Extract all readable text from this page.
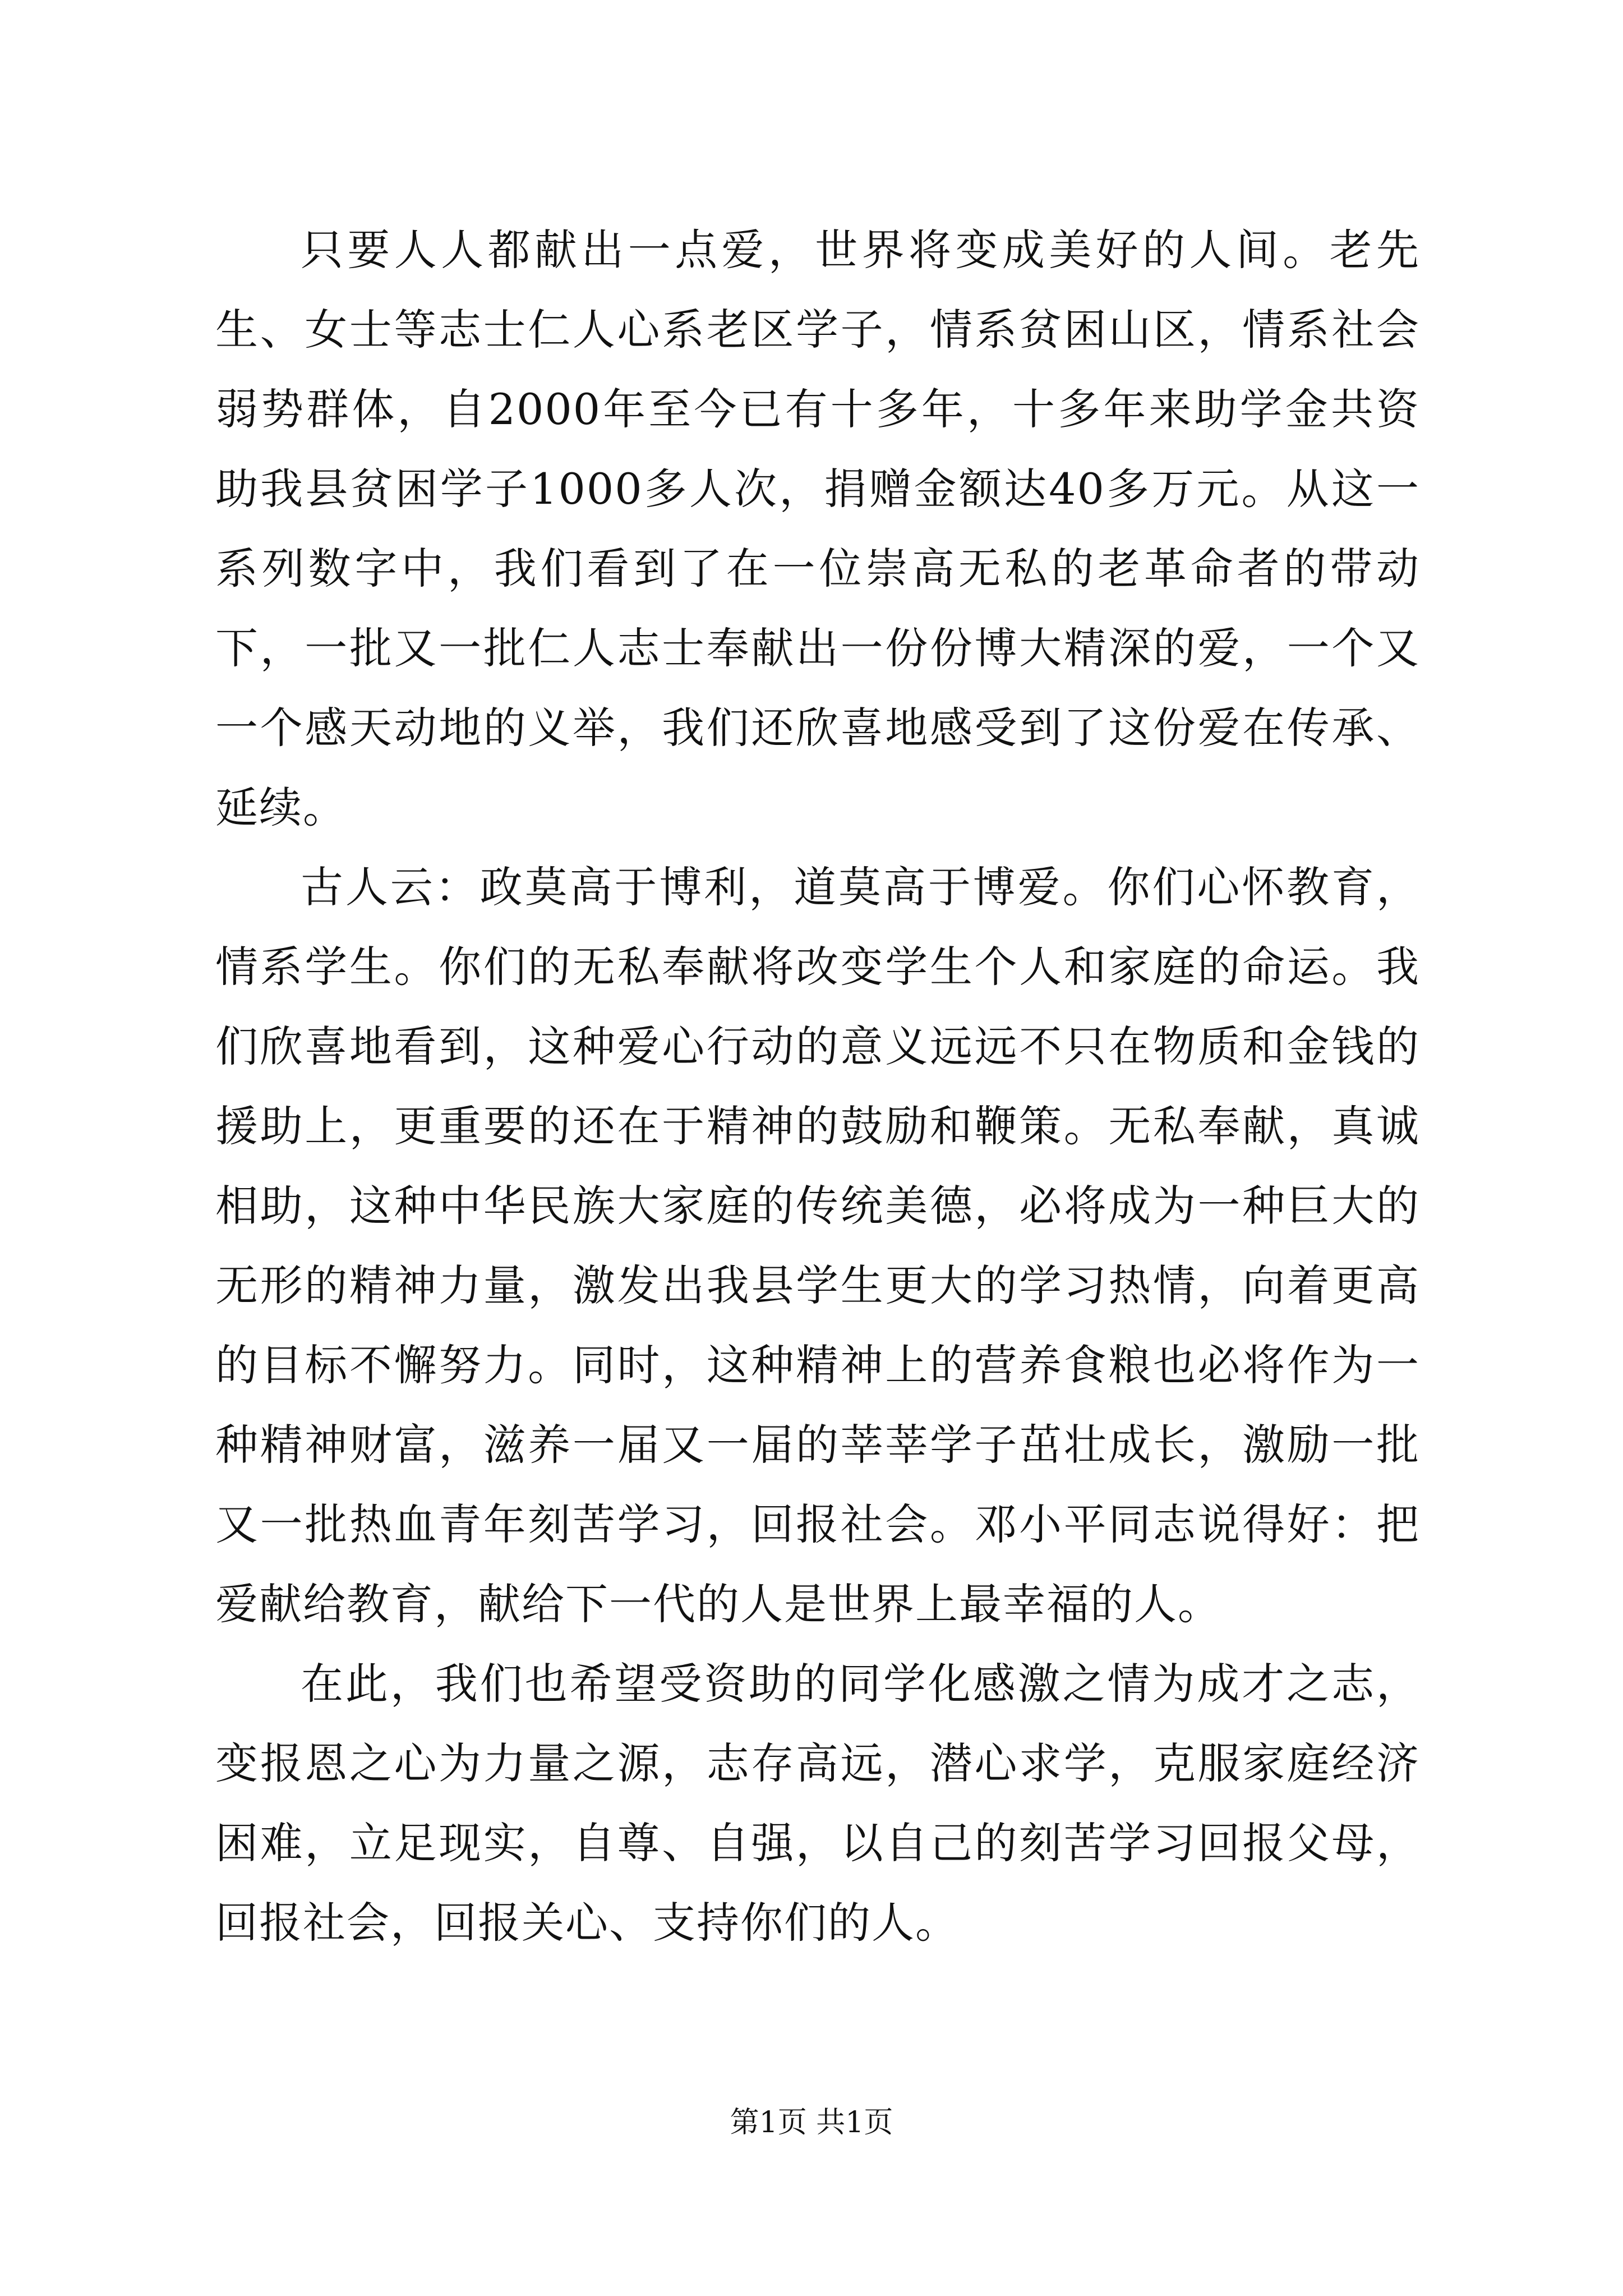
只要人人都献出一点爱，世界将变成美好的人间。老先生、女士等志士仁人心系老区学子，情系贫困山区，情系社会弱势群体，自2000年至今已有十多年，十多年来助学金共资助我县贫困学子1000多人次，捐赠金额达40多万元。从这一系列数字中，我们看到了在一位崇高无私的老革命者的带动下，一批又一批仁人志士奉献出一份份博大精深的爱，一个又一个感天动地的义举，我们还欣喜地感受到了这份爱在传承、延续。

古人云：政莫高于博利，道莫高于博爱。你们心怀教育，情系学生。你们的无私奉献将改变学生个人和家庭的命运。我们欣喜地看到，这种爱心行动的意义远远不只在物质和金钱的援助上，更重要的还在于精神的鼓励和鞭策。无私奉献，真诚相助，这种中华民族大家庭的传统美德，必将成为一种巨大的无形的精神力量，激发出我县学生更大的学习热情，向着更高的目标不懈努力。同时，这种精神上的营养食粮也必将作为一种精神财富，滋养一届又一届的莘莘学子茁壮成长，激励一批又一批热血青年刻苦学习，回报社会。邓小平同志说得好：把爱献给教育，献给下一代的人是世界上最幸福的人。

在此，我们也希望受资助的同学化感激之情为成才之志，变报恩之心为力量之源，志存高远，潜心求学，克服家庭经济困难，立足现实，自尊、自强，以自己的刻苦学习回报父母，回报社会，回报关心、支持你们的人。

第1页 共1页
